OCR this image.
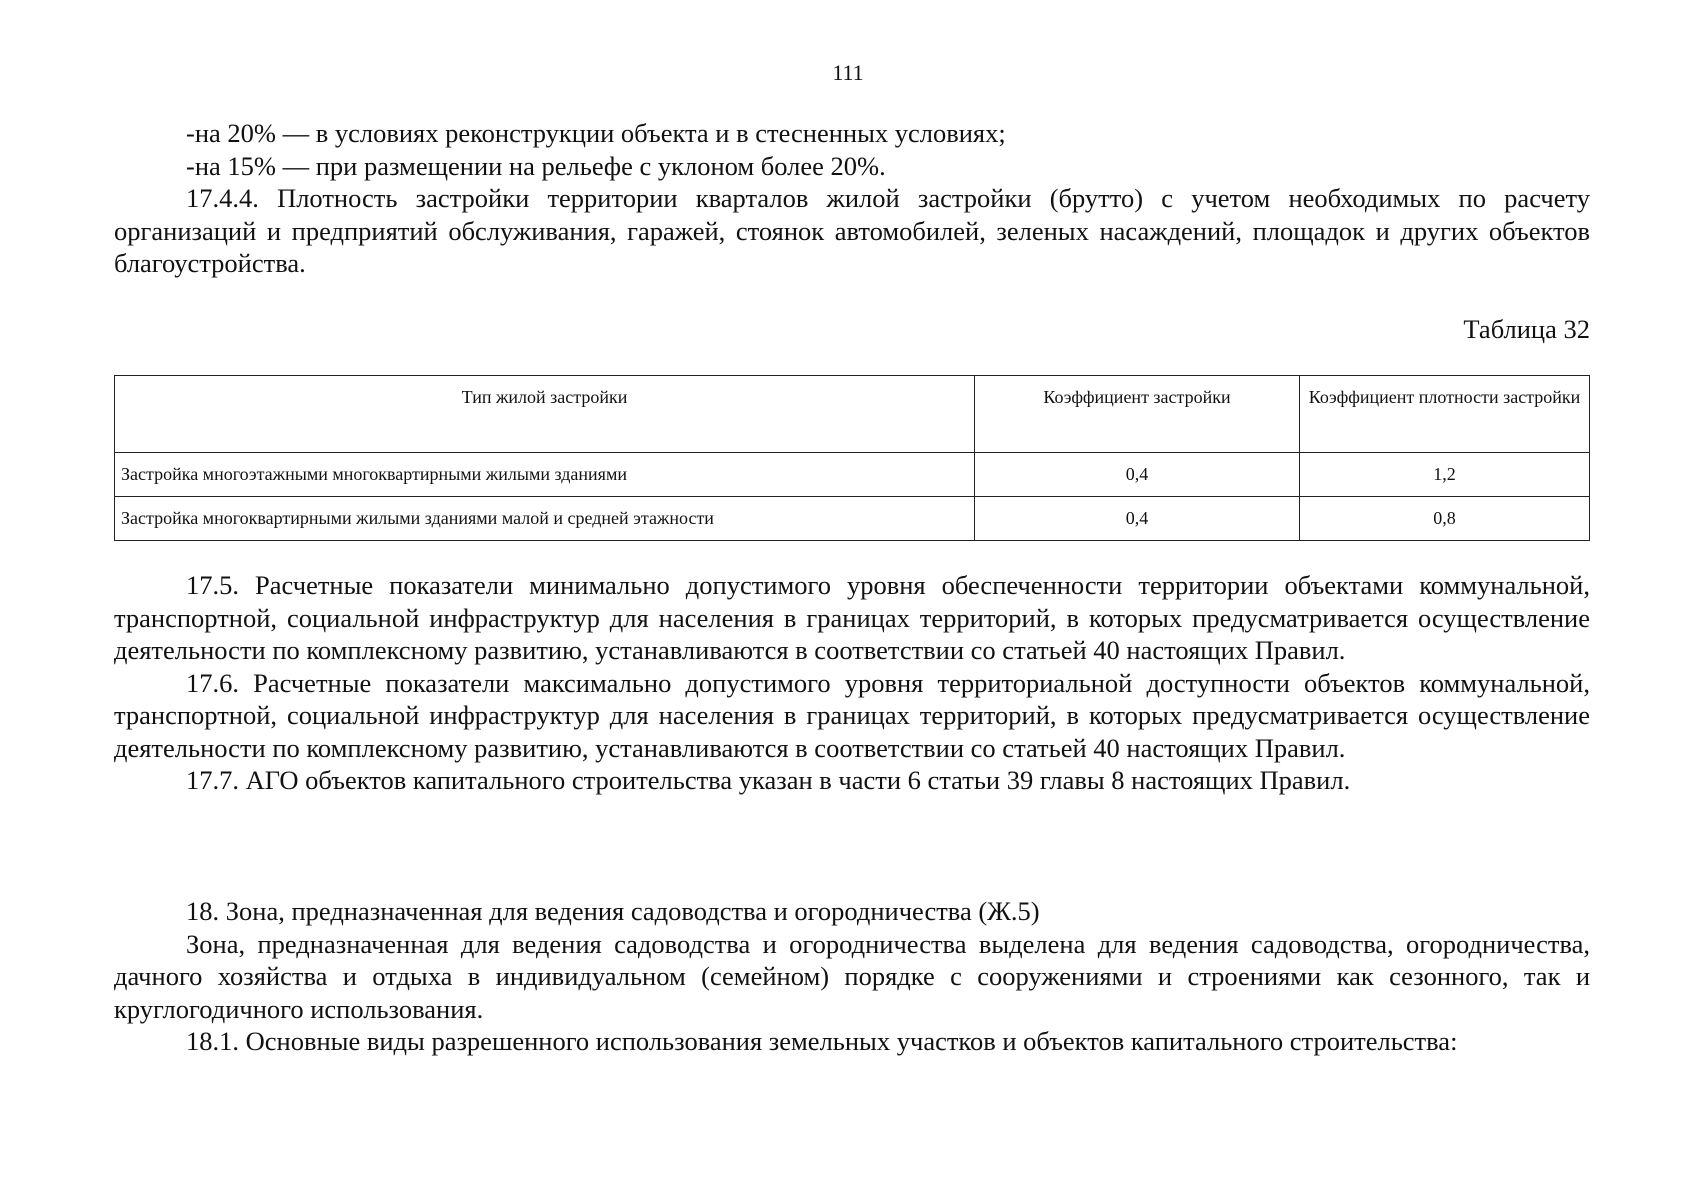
111

-на 20% — в условиях реконструкции объекта и в стесненных условиях;

-на 15% — при размещении на рельефе с уклоном более 20%.

17.4.4. Плотность застройки территории кварталов жилой застройки (брутто) с учетом необходимых по расчету организаций и предприятий обслуживания, гаражей, стоянок автомобилей, зеленых насаждений, площадок и других объектов благоустройства.

Таблица 32
Тип жилой застройки	Коэффициент застройки	Коэффициент плотности застройки
Застройка многоэтажными многоквартирными жилыми зданиями	0,4	1,2
Застройка многоквартирными жилыми зданиями малой и средней этажности	0,4	0,8

17.5. Расчетные показатели минимально допустимого уровня обеспеченности территории объектами коммунальной, транспортной, социальной инфраструктур для населения в границах территорий, в которых предусматривается осуществление деятельности по комплексному развитию, устанавливаются в соответствии со статьей 40 настоящих Правил.

17.6. Расчетные показатели максимально допустимого уровня территориальной доступности объектов коммунальной, транспортной, социальной инфраструктур для населения в границах территорий, в которых предусматривается осуществление деятельности по комплексному развитию, устанавливаются в соответствии со статьей 40 настоящих Правил.

17.7. АГО объектов капитального строительства указан в части 6 статьи 39 главы 8 настоящих Правил.

18. Зона, предназначенная для ведения садоводства и огородничества (Ж.5)

Зона, предназначенная для ведения садоводства и огородничества выделена для ведения садоводства, огородничества, дачного хозяйства и отдыха в индивидуальном (семейном) порядке с сооружениями и строениями как сезонного, так и круглогодичного использования.

18.1. Основные виды разрешенного использования земельных участков и объектов капитального строительства:
